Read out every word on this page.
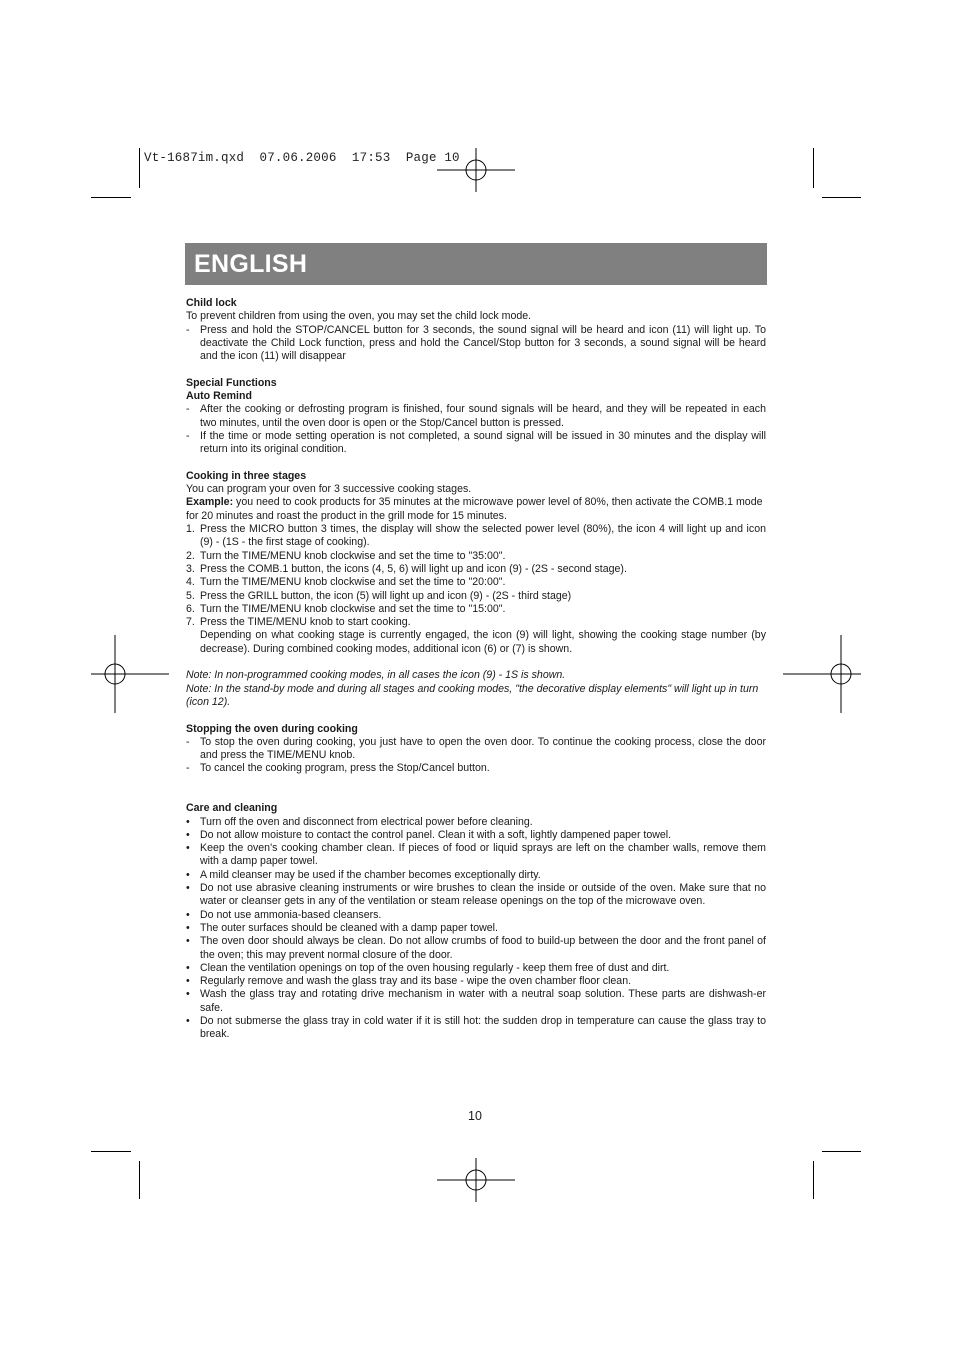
Vt-1687im.qxd  07.06.2006  17:53  Page 10
ENGLISH
Child lock
To prevent children from using the oven, you may set the child lock mode.
- Press and hold the STOP/CANCEL button for 3 seconds, the sound signal will be heard and icon (11) will light up. To deactivate the Child Lock function, press and hold the Cancel/Stop button for 3 seconds, a sound signal will be heard and the icon (11) will disappear
Special Functions
Auto Remind
- After the cooking or defrosting program is finished, four sound signals will be heard, and they will be repeated in each two minutes, until the oven door is open or the Stop/Cancel button is pressed.
- If the time or mode setting operation is not completed, a sound signal will be issued in 30 minutes and the display will return into its original condition.
Cooking in three stages
You can program your oven for 3 successive cooking stages.
Example: you need to cook products for 35 minutes at the microwave power level of 80%, then activate the COMB.1 mode for 20 minutes and roast the product in the grill mode for 15 minutes.
1. Press the MICRO button 3 times, the display will show the selected power level (80%), the icon 4 will light up and icon (9) - (1S - the first stage of cooking).
2. Turn the TIME/MENU knob clockwise and set the time to "35:00".
3. Press the COMB.1 button, the icons (4, 5, 6) will light up and icon (9) - (2S - second stage).
4. Turn the TIME/MENU knob clockwise and set the time to "20:00".
5. Press the GRILL button, the icon (5) will light up and icon (9) - (2S - third stage)
6. Turn the TIME/MENU knob clockwise and set the time to "15:00".
7. Press the TIME/MENU knob to start cooking.
Depending on what cooking stage is currently engaged, the icon (9) will light, showing the cooking stage number (by decrease). During combined cooking modes, additional icon (6) or (7) is shown.
Note: In non-programmed cooking modes, in all cases the icon (9) - 1S is shown.
Note: In the stand-by mode and during all stages and cooking modes, "the decorative display elements" will light up in turn (icon 12).
Stopping the oven during cooking
- To stop the oven during cooking, you just have to open the oven door. To continue the cooking process, close the door and press the TIME/MENU knob.
- To cancel the cooking program, press the Stop/Cancel button.
Care and cleaning
• Turn off the oven and disconnect from electrical power before cleaning.
• Do not allow moisture to contact the control panel. Clean it with a soft, lightly dampened paper towel.
• Keep the oven's cooking chamber clean. If pieces of food or liquid sprays are left on the chamber walls, remove them with a damp paper towel.
• A mild cleanser may be used if the chamber becomes exceptionally dirty.
• Do not use abrasive cleaning instruments or wire brushes to clean the inside or outside of the oven. Make sure that no water or cleanser gets in any of the ventilation or steam release openings on the top of the microwave oven.
• Do not use ammonia-based cleansers.
• The outer surfaces should be cleaned with a damp paper towel.
• The oven door should always be clean. Do not allow crumbs of food to build-up between the door and the front panel of the oven; this may prevent normal closure of the door.
• Clean the ventilation openings on top of the oven housing regularly - keep them free of dust and dirt.
• Regularly remove and wash the glass tray and its base - wipe the oven chamber floor clean.
• Wash the glass tray and rotating drive mechanism in water with a neutral soap solution. These parts are dishwash-er safe.
• Do not submerse the glass tray in cold water if it is still hot: the sudden drop in temperature can cause the glass tray to break.
10
